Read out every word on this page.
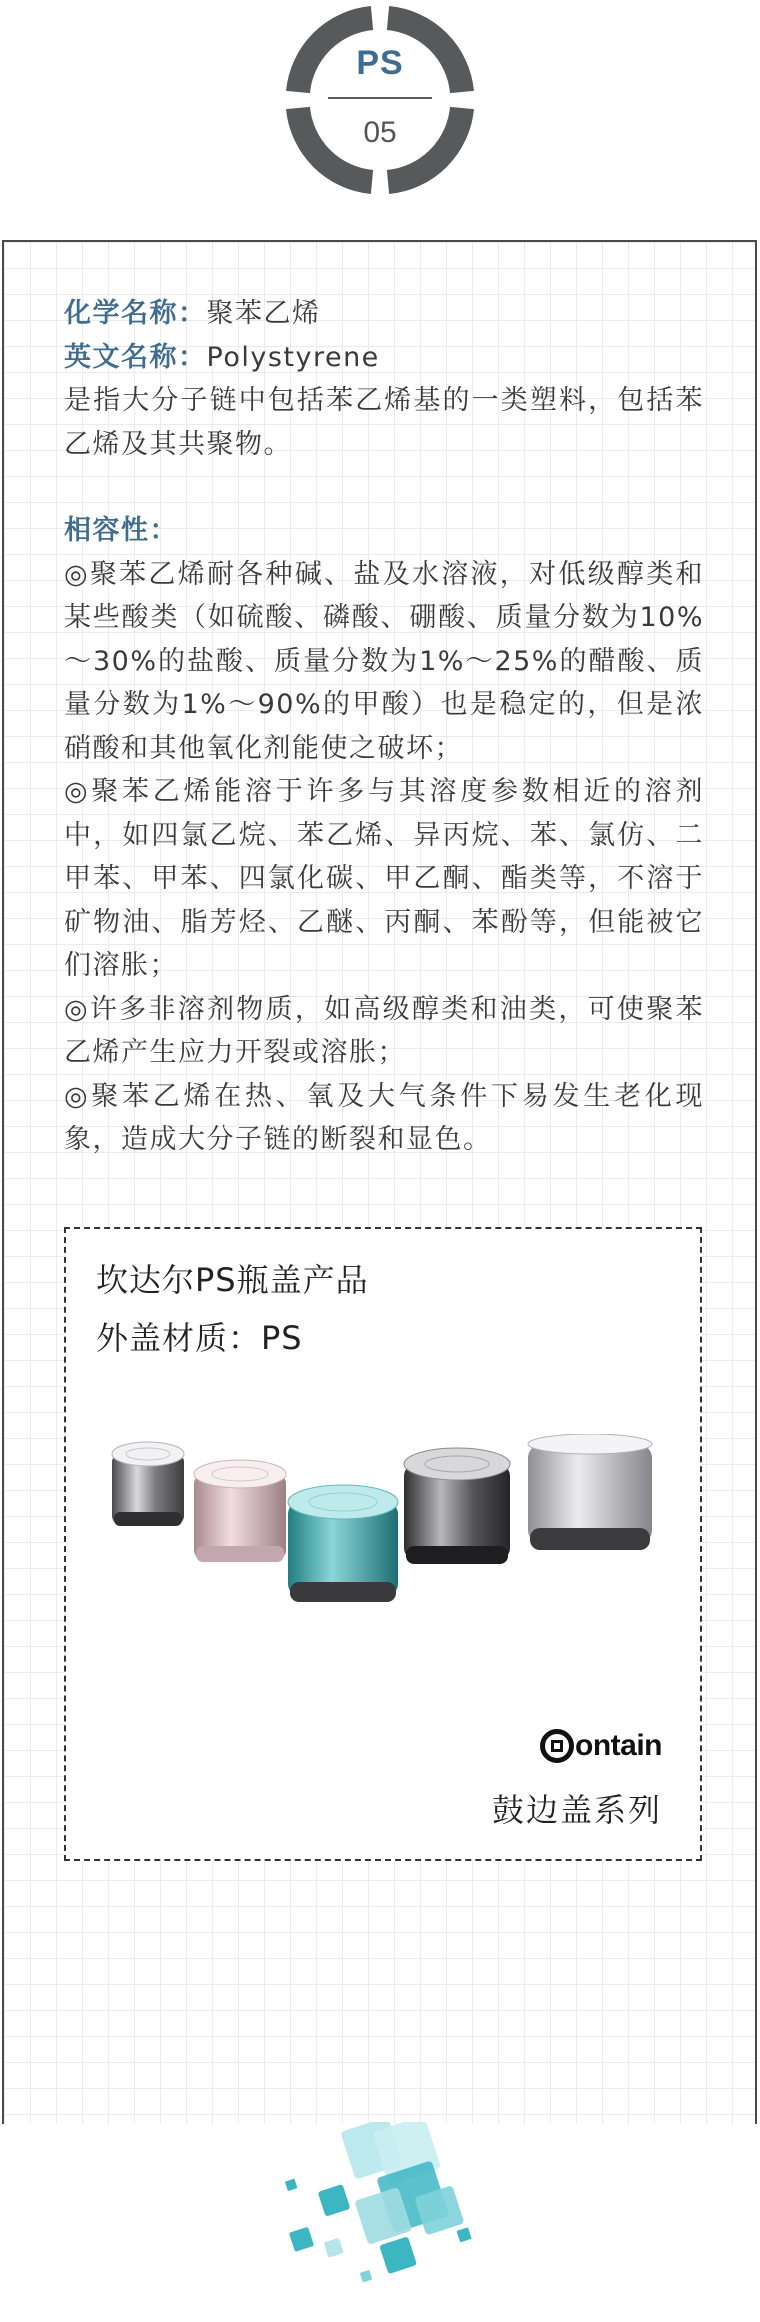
PS
05

化学名称：聚苯乙烯

英文名称：Polystyrene

是指大分子链中包括苯乙烯基的一类塑料，包括苯乙烯及其共聚物。

相容性：

◎聚苯乙烯耐各种碱、盐及水溶液，对低级醇类和某些酸类（如硫酸、磷酸、硼酸、质量分数为10%～30%的盐酸、质量分数为1%～25%的醋酸、质量分数为1%～90%的甲酸）也是稳定的，但是浓硝酸和其他氧化剂能使之破坏；

◎聚苯乙烯能溶于许多与其溶度参数相近的溶剂中，如四氯乙烷、苯乙烯、异丙烷、苯、氯仿、二甲苯、甲苯、四氯化碳、甲乙酮、酯类等，不溶于矿物油、脂芳烃、乙醚、丙酮、苯酚等，但能被它们溶胀；

◎许多非溶剂物质，如高级醇类和油类，可使聚苯乙烯产生应力开裂或溶胀；

◎聚苯乙烯在热、氧及大气条件下易发生老化现象，造成大分子链的断裂和显色。

坎达尔PS瓶盖产品
外盖材质：PS
ontain
鼓边盖系列
